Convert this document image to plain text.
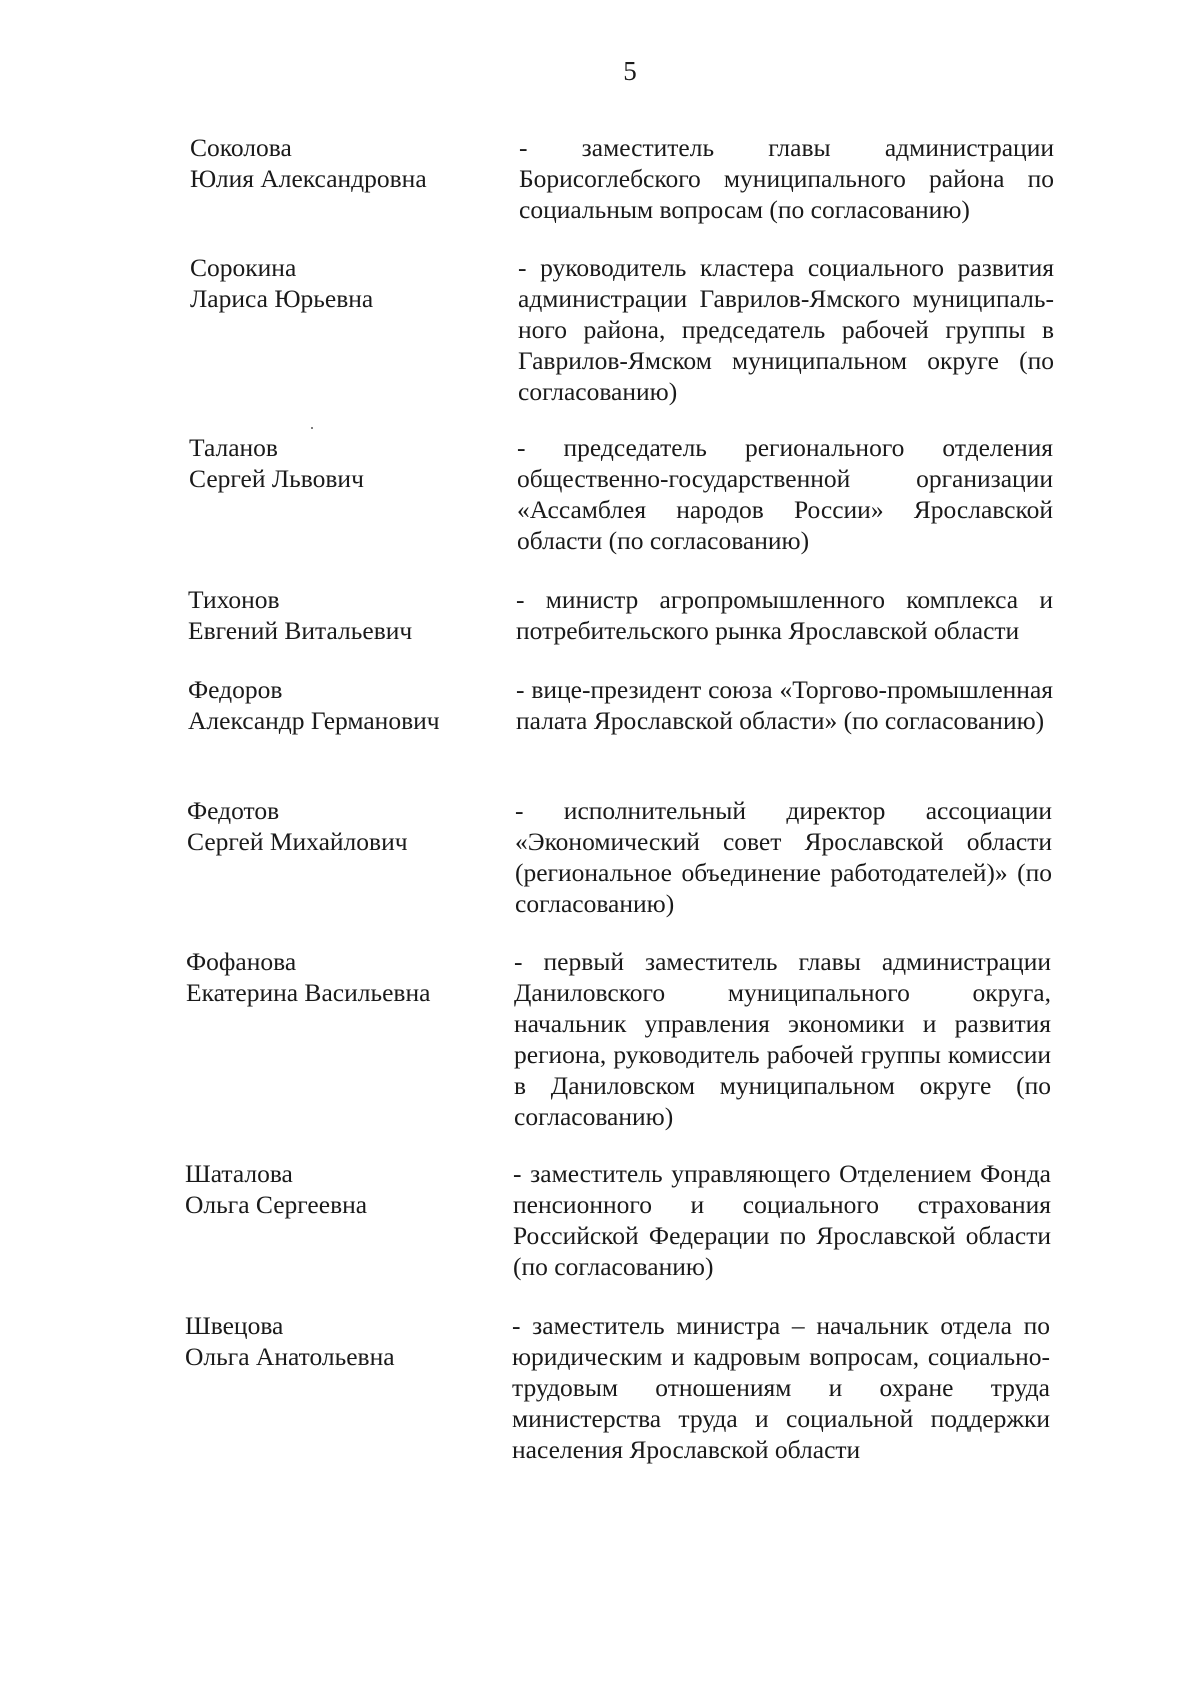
5
Соколова
Юлия Александровна
- заместитель главы администрации Борисоглебского муниципального района по социальным вопросам (по согласованию)
Сорокина
Лариса Юрьевна
- руководитель кластера социального развития администрации Гаврилов-Ямского муниципального района, председатель рабочей группы в Гаврилов-Ямском муниципальном округе (по согласованию)
Таланов
Сергей Львович
- председатель регионального отделения общественно-государственной организации «Ассамблея народов России» Ярославской области (по согласованию)
Тихонов
Евгений Витальевич
- министр агропромышленного комплекса и потребительского рынка Ярославской области
Федоров
Александр Германович
- вице-президент союза «Торгово-промышленная палата Ярославской области» (по согласованию)
Федотов
Сергей Михайлович
- исполнительный директор ассоциации «Экономический совет Ярославской области (региональное объединение работодателей)» (по согласованию)
Фофанова
Екатерина Васильевна
- первый заместитель главы администрации Даниловского муниципального округа, начальник управления экономики и развития региона, руководитель рабочей группы комиссии в Даниловском муниципальном округе (по согласованию)
Шаталова
Ольга Сергеевна
- заместитель управляющего Отделением Фонда пенсионного и социального страхования Российской Федерации по Ярославской области (по согласованию)
Швецова
Ольга Анатольевна
- заместитель министра – начальник отдела по юридическим и кадровым вопросам, социально-трудовым отношениям и охране труда министерства труда и социальной поддержки населения Ярославской области
